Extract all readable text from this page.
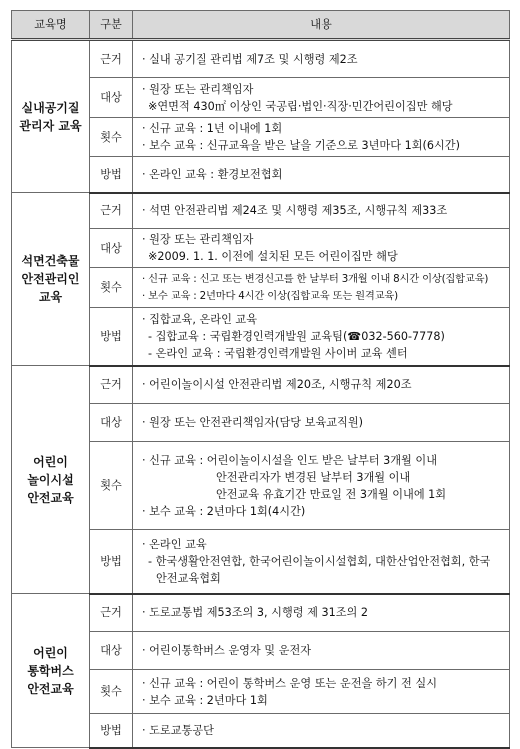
교육명	구분	내용

실내공기질
관리자 교육	근거	· 실내 공기질 관리법 제7조 및 시행령 제2조

	대상	· 원장 또는 관리책임자
※연면적 430㎡ 이상인 국공립·법인·직장·민간어린이집만 해당

	횟수	· 신규 교육 : 1년 이내에 1회
· 보수 교육 : 신규교육을 받은 날을 기준으로 3년마다 1회(6시간)

	방법	· 온라인 교육 : 환경보전협회

석면건축물
안전관리인
교육	근거	· 석면 안전관리법 제24조 및 시행령 제35조, 시행규칙 제33조

	대상	· 원장 또는 관리책임자
※2009. 1. 1. 이전에 설치된 모든 어린이집만 해당

	횟수	· 신규 교육 : 신고 또는 변경신고를 한 날부터 3개월 이내 8시간 이상(집합교육)
· 보수 교육 : 2년마다 4시간 이상(집합교육 또는 원격교육)

	방법	· 집합교육, 온라인 교육
- 집합교육 : 국립환경인력개발원 교육팀(☎032-560-7778)
- 온라인 교육 : 국립환경인력개발원 사이버 교육 센터

어린이
놀이시설
안전교육	근거	· 어린이놀이시설 안전관리법 제20조, 시행규칙 제20조

	대상	· 원장 또는 안전관리책임자(담당 보육교직원)

	횟수	· 신규 교육 : 어린이놀이시설을 인도 받은 날부터 3개월 이내
안전관리자가 변경된 날부터 3개월 이내
안전교육 유효기간 만료일 전 3개월 이내에 1회
· 보수 교육 : 2년마다 1회(4시간)

	방법	· 온라인 교육
- 한국생활안전연합, 한국어린이놀이시설협회, 대한산업안전협회, 한국
안전교육협회

어린이
통학버스
안전교육	근거	· 도로교통법 제53조의 3, 시행령 제 31조의 2

	대상	· 어린이통학버스 운영자 및 운전자

	횟수	· 신규 교육 : 어린이 통학버스 운영 또는 운전을 하기 전 실시
· 보수 교육 : 2년마다 1회

	방법	· 도로교통공단
